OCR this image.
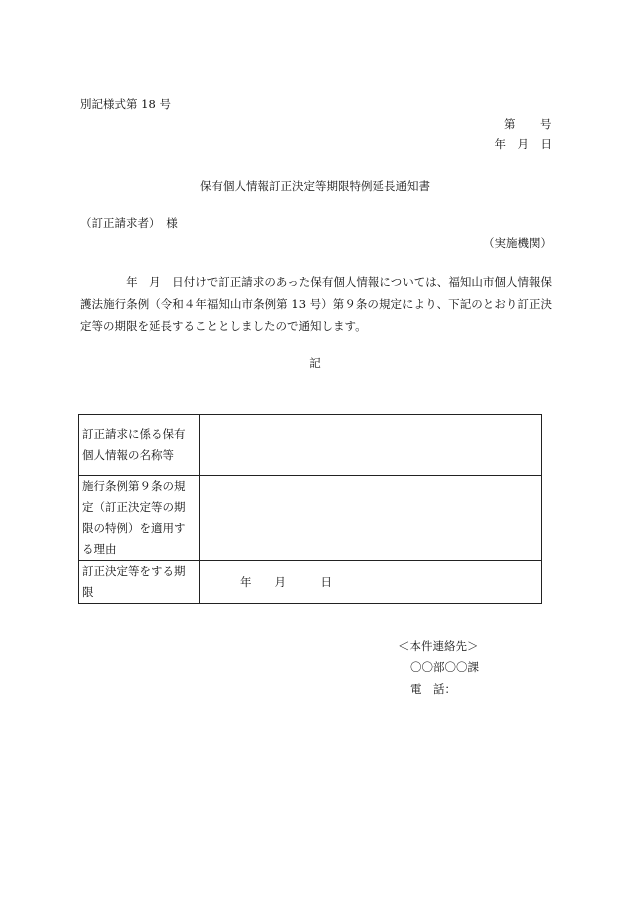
別記様式第 18 号
第　　号
年　月　日
保有個人情報訂正決定等期限特例延長通知書
（訂正請求者）　様
（実施機関）
　　　　年　月　日付けで訂正請求のあった保有個人情報については、福知山市個人情報保護法施行条例（令和４年福知山市条例第 13 号）第９条の規定により、下記のとおり訂正決定等の期限を延長することとしましたので通知します。
記
訂正請求に係る保有個人情報の名称等	
施行条例第９条の規定（訂正決定等の期限の特例）を適用する理由	
訂正決定等をする期限	年　　月　　　日
＜本件連絡先＞
〇〇部〇〇課
電　話：
